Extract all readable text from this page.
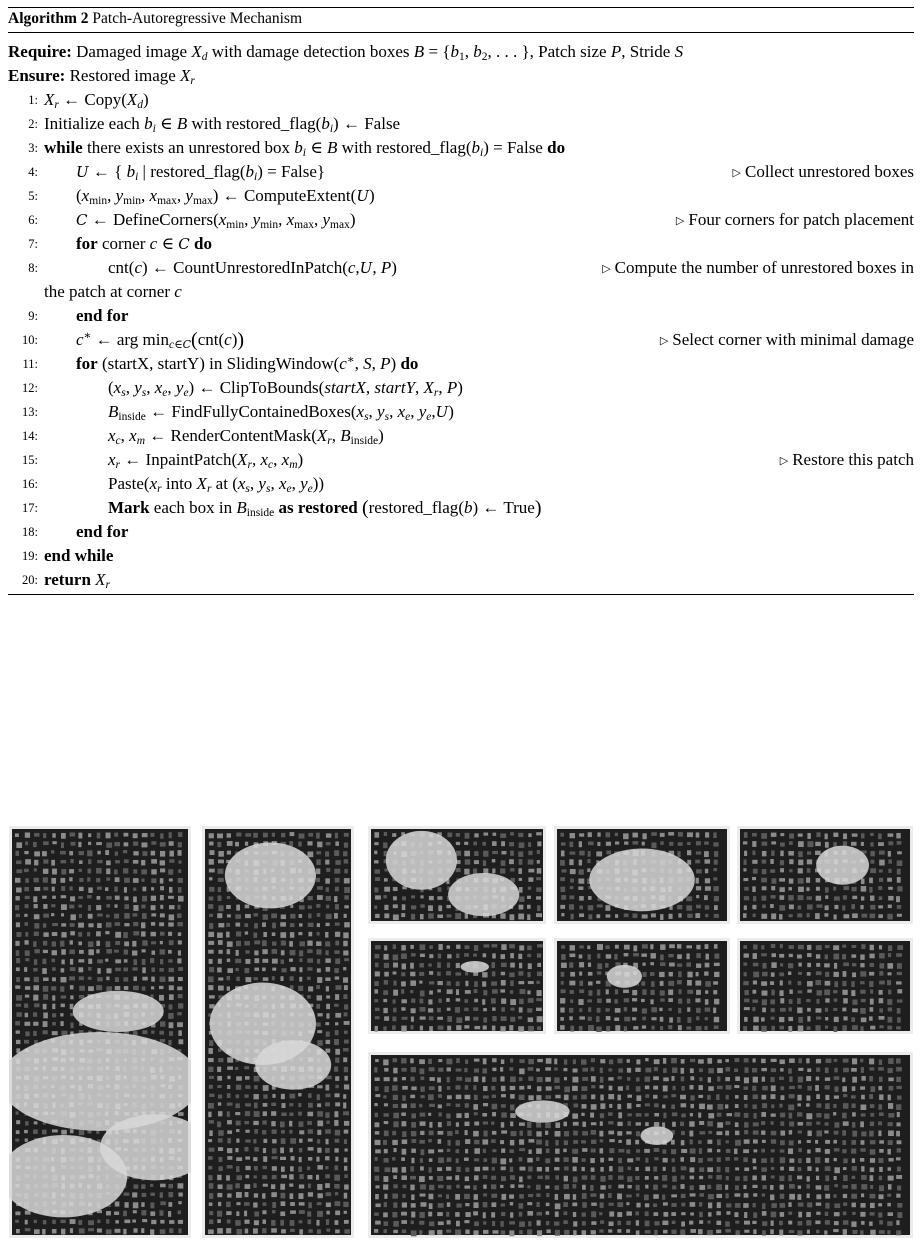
Algorithm 2 Patch-Autoregressive Mechanism
Require: Damaged image $X_d$ with damage detection boxes $B = \{b_1$, $b_2$, . . . }, Patch size P, Stride S
Ensure: Restored image $X_r$
1: $X_r$ ← $Copy(X_d)$
2: Initialize each $b_i$ ∈ B with $restored\_flag(b_i)$ ← False
3: while there exists an unrestored box $b_i$ ∈ B with $restored\_flag(b_i)$ = False do
4:	U ← { $b_i$ | $restored\_flag(b_i)$ = False}	▷ Collect unrestored boxes
5: ($x_{min}$, $y_{min}$, $x_{max}$, $y_{max}$) ← ComputeExtent(U)
6:	C ← $DefineCorners(x_{min}$, $y_{min}$, $x_{max}$, $y_{max}$)	▷ Four corners for patch placement
7: for corner c ∈ C do
8:	cnt(c) ← CountUnrestoredInPatch(c,U, P)	▷ Compute the number of unrestored boxes in
the patch at corner c
9: end for
10: c∗ ← arg $\min_{c\in C}(cnt(c))$	▷ Select corner with minimal damage
11: for (startX, startY) in SlidingWindow(c∗, S, P) do
12:	($x_s$, $y_s$, $x_e$, $y_e$) ← ClipToBounds(startX, startY, $X_r$, P)
13:	$B_{inside}$ ← $FindFullyContainedBoxes(x_s$, $y_s$, $x_e$, $y_e,U$)
14:	$x_c$, $x_m$ ← $RenderContentMask(X_r$, $B_{inside}$)
15:	$x_r$ ← $InpaintPatch(X_r$, $x_c$, $x_m$)	▷ Restore this patch
16:	$Paste(x_r$ into $X_r$ at ($x_s$, $y_s$, $x_e$, $y_e$))
17:	Mark each box in $B_{inside}$ as restored (restored_flag(b) ← True)
18: end for
19: end while
20: return $X_r$
